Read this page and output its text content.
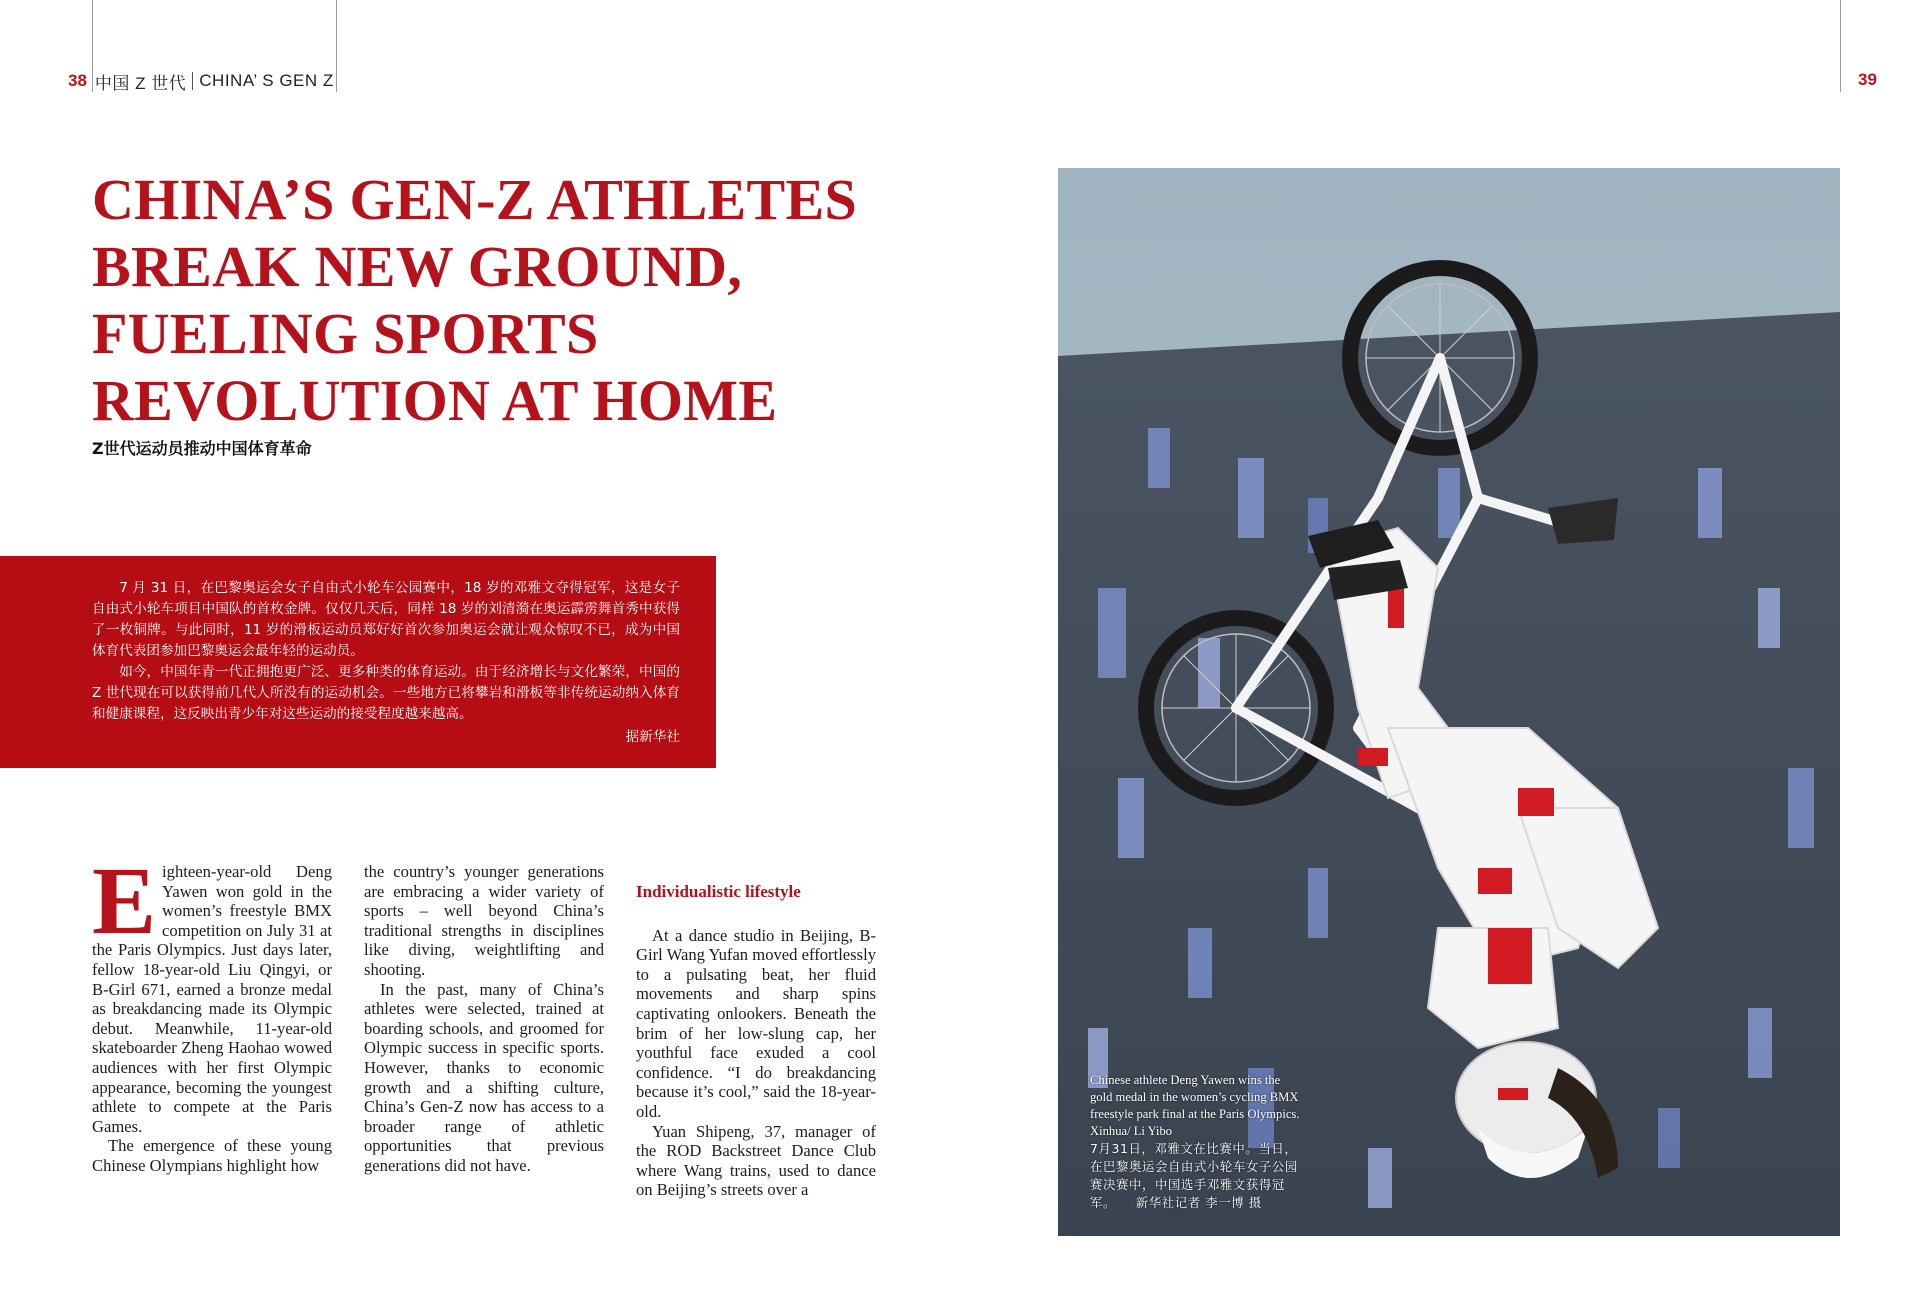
38 中国 Z 世代 CHINA’ S GEN Z	39
CHINA’S GEN-Z ATHLETES
BREAK NEW GROUND,
FUELING SPORTS
REVOLUTION AT HOME
Z世代运动员推动中国体育革命

7 月 31 日，在巴黎奥运会女子自由式小轮车公园赛中，18 岁的邓雅文夺得冠军，这是女子自由式小轮车项目中国队的首枚金牌。仅仅几天后，同样 18 岁的刘清漪在奥运霹雳舞首秀中获得了一枚铜牌。与此同时，11 岁的滑板运动员郑好好首次参加奥运会就让观众惊叹不已，成为中国体育代表团参加巴黎奥运会最年轻的运动员。

如今，中国年青一代正拥抱更广泛、更多种类的体育运动。由于经济增长与文化繁荣，中国的 Z 世代现在可以获得前几代人所没有的运动机会。一些地方已将攀岩和滑板等非传统运动纳入体育和健康课程，这反映出青少年对这些运动的接受程度越来越高。

据新华社

Eighteen-year-old Deng Yawen won gold in the women’s freestyle BMX competition on July 31 at the Paris Olympics. Just days later, fellow 18-year-old Liu Qingyi, or B-Girl 671, earned a bronze medal as breakdancing made its Olympic debut. Meanwhile, 11-year-old skateboarder Zheng Haohao wowed audiences with her first Olympic appearance, becoming the youngest athlete to compete at the Paris Games.

The emergence of these young Chinese Olympians highlight how

the country’s younger generations are embracing a wider variety of sports – well beyond China’s traditional strengths in disciplines like diving, weightlifting and shooting.

In the past, many of China’s athletes were selected, trained at boarding schools, and groomed for Olympic success in specific sports. However, thanks to economic growth and a shifting culture, China’s Gen-Z now has access to a broader range of athletic opportunities that previous generations did not have.

Individualistic lifestyle

At a dance studio in Beijing, B-Girl Wang Yufan moved effortlessly to a pulsating beat, her fluid movements and sharp spins captivating onlookers. Beneath the brim of her low-slung cap, her youthful face exuded a cool confidence. “I do breakdancing because it’s cool,” said the 18-year-old.

Yuan Shipeng, 37, manager of the ROD Backstreet Dance Club where Wang trains, used to dance on Beijing’s streets over a

Chinese athlete Deng Yawen wins the gold medal in the women’s cycling BMX freestyle park final at the Paris Olympics. Xinhua/ Li Yibo
7月31日，邓雅文在比赛中。当日，在巴黎奥运会自由式小轮车女子公园赛决赛中，中国选手邓雅文获得冠军。　　新华社记者 李一博 摄
